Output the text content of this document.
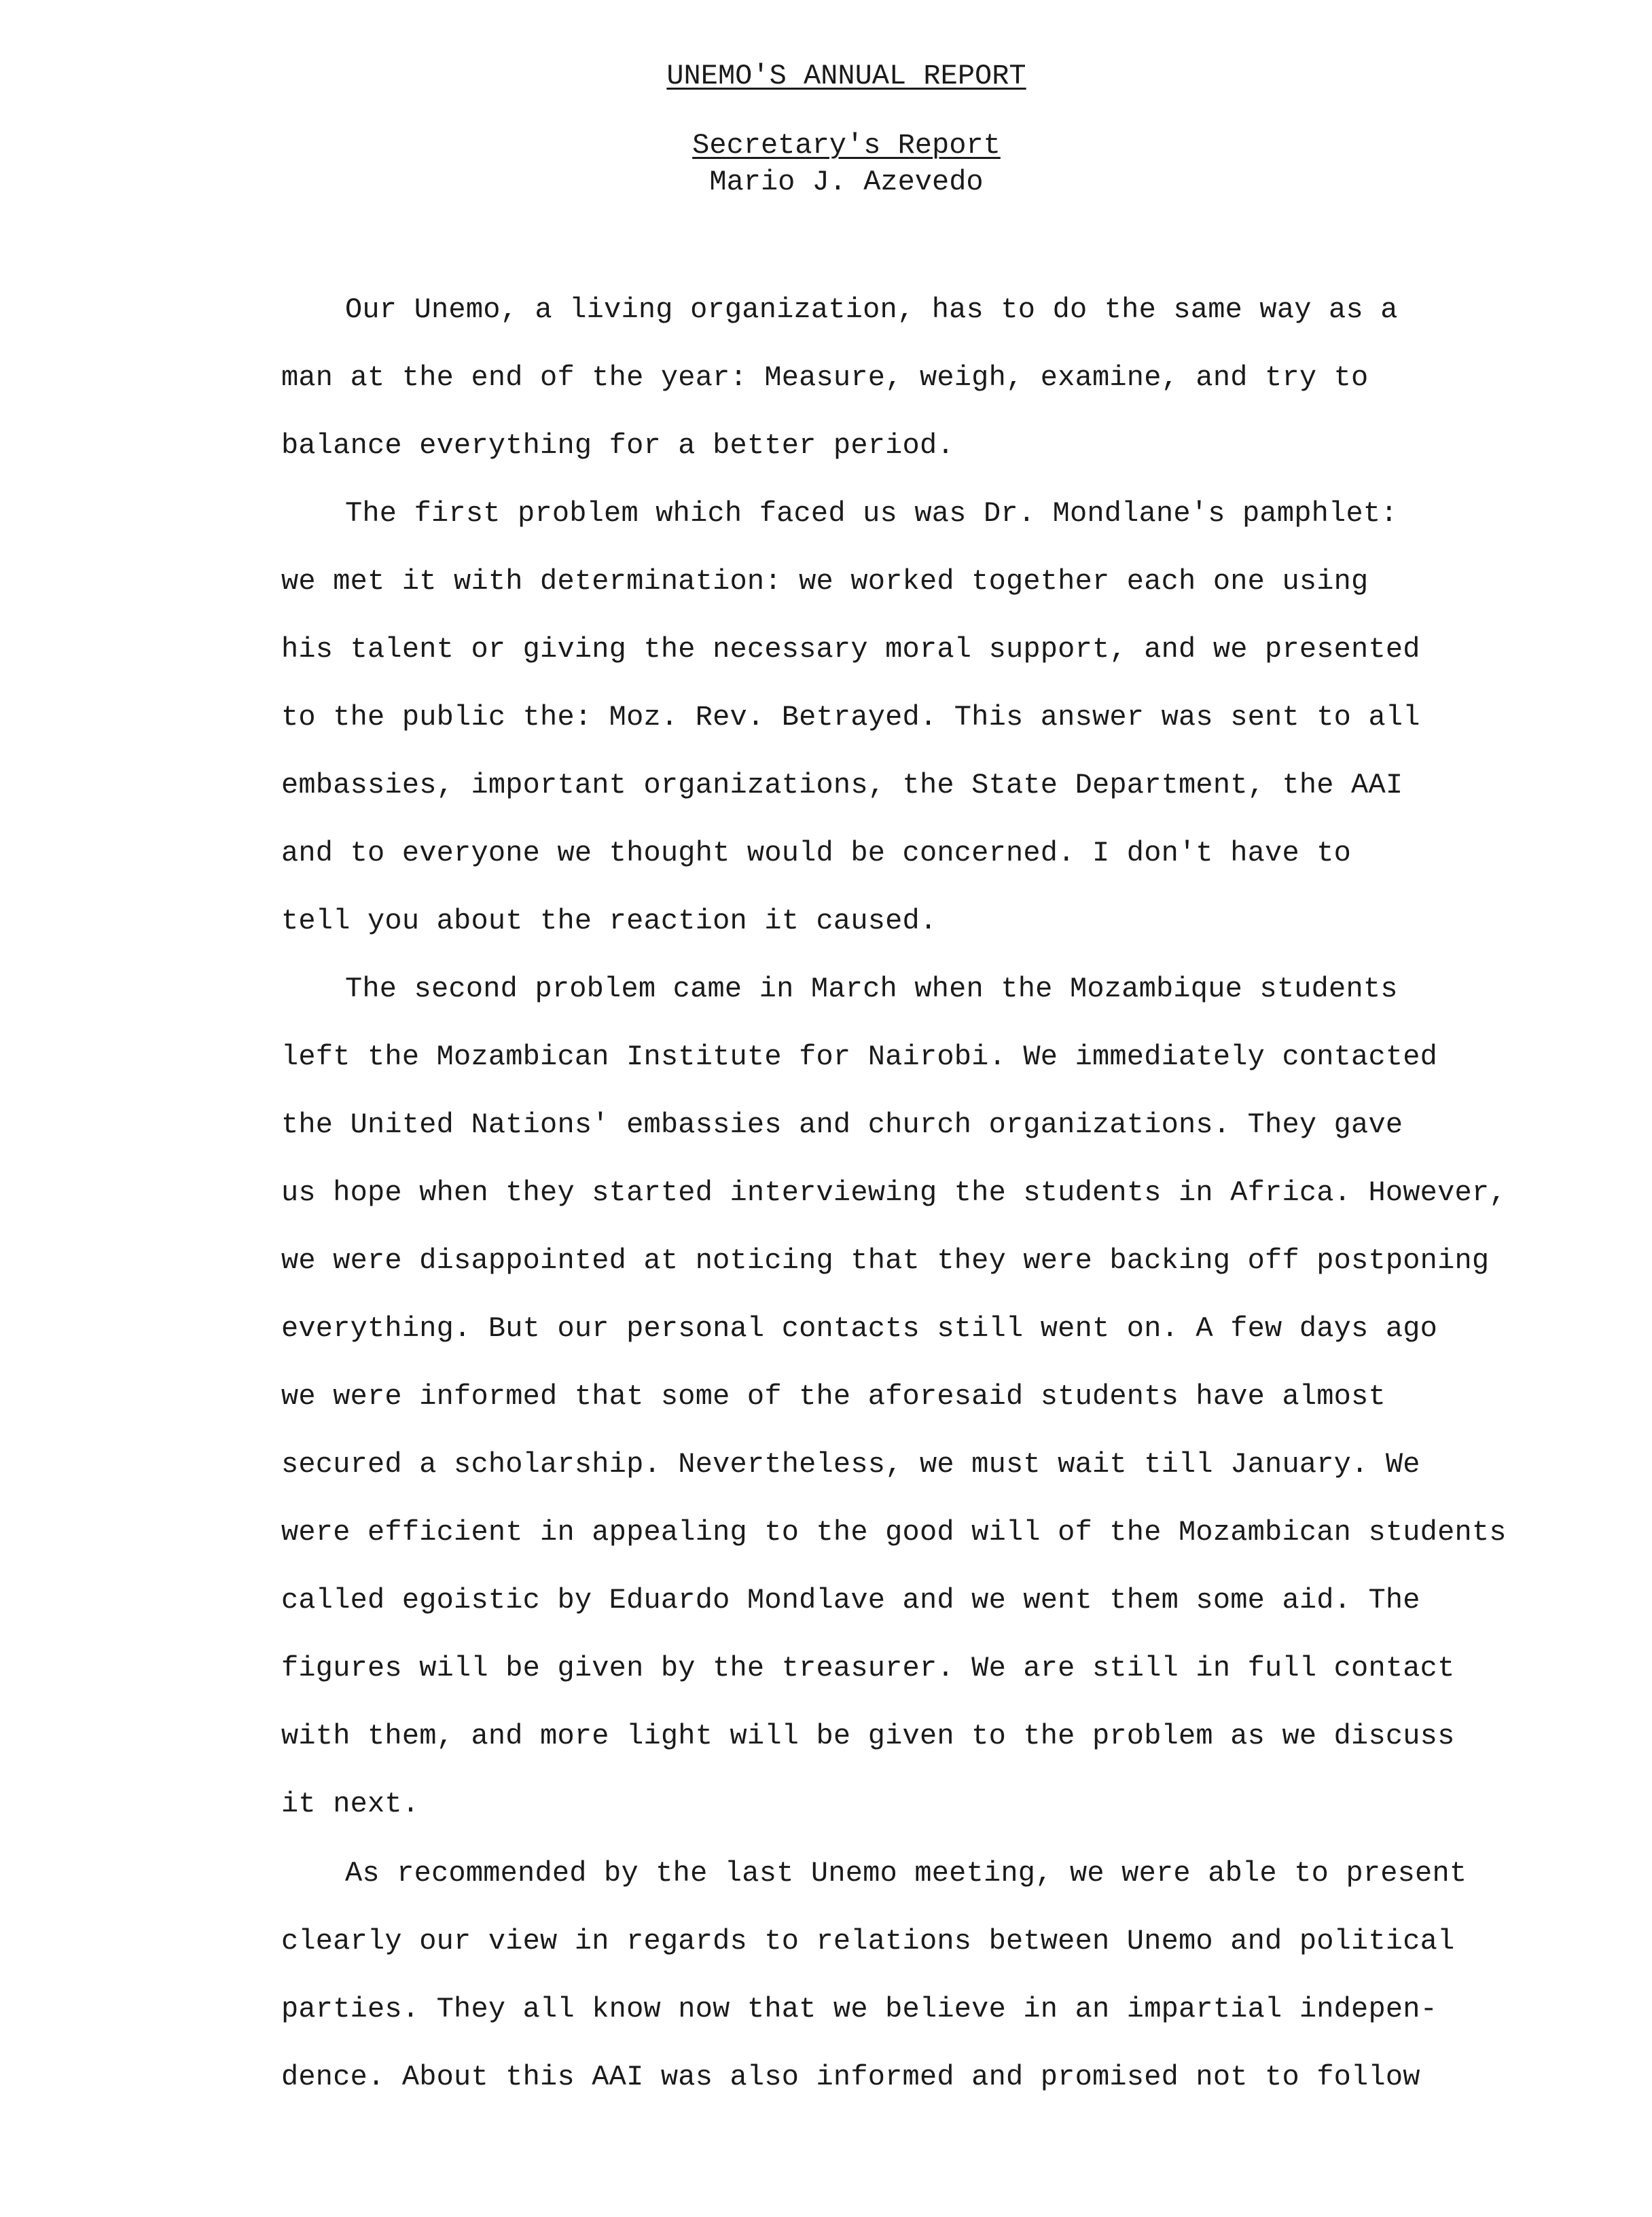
UNEMO'S ANNUAL REPORT
Secretary's Report
Mario J. Azevedo
Our Unemo, a living organization, has to do the same way as a
man at the end of the year: Measure, weigh, examine, and try to
balance everything for a better period.
The first problem which faced us was Dr. Mondlane's pamphlet:
we met it with determination: we worked together each one using
his talent or giving the necessary moral support, and we presented
to the public the: Moz. Rev. Betrayed. This answer was sent to all
embassies, important organizations, the State Department, the AAI
and to everyone we thought would be concerned. I don't have to
tell you about the reaction it caused.
The second problem came in March when the Mozambique students
left the Mozambican Institute for Nairobi. We immediately contacted
the United Nations' embassies and church organizations. They gave
us hope when they started interviewing the students in Africa. However,
we were disappointed at noticing that they were backing off postponing
everything. But our personal contacts still went on. A few days ago
we were informed that some of the aforesaid students have almost
secured a scholarship. Nevertheless, we must wait till January. We
were efficient in appealing to the good will of the Mozambican students
called egoistic by Eduardo Mondlave and we went them some aid. The
figures will be given by the treasurer. We are still in full contact
with them, and more light will be given to the problem as we discuss
it next.
As recommended by the last Unemo meeting, we were able to present
clearly our view in regards to relations between Unemo and political
parties. They all know now that we believe in an impartial indepen-
dence. About this AAI was also informed and promised not to follow
